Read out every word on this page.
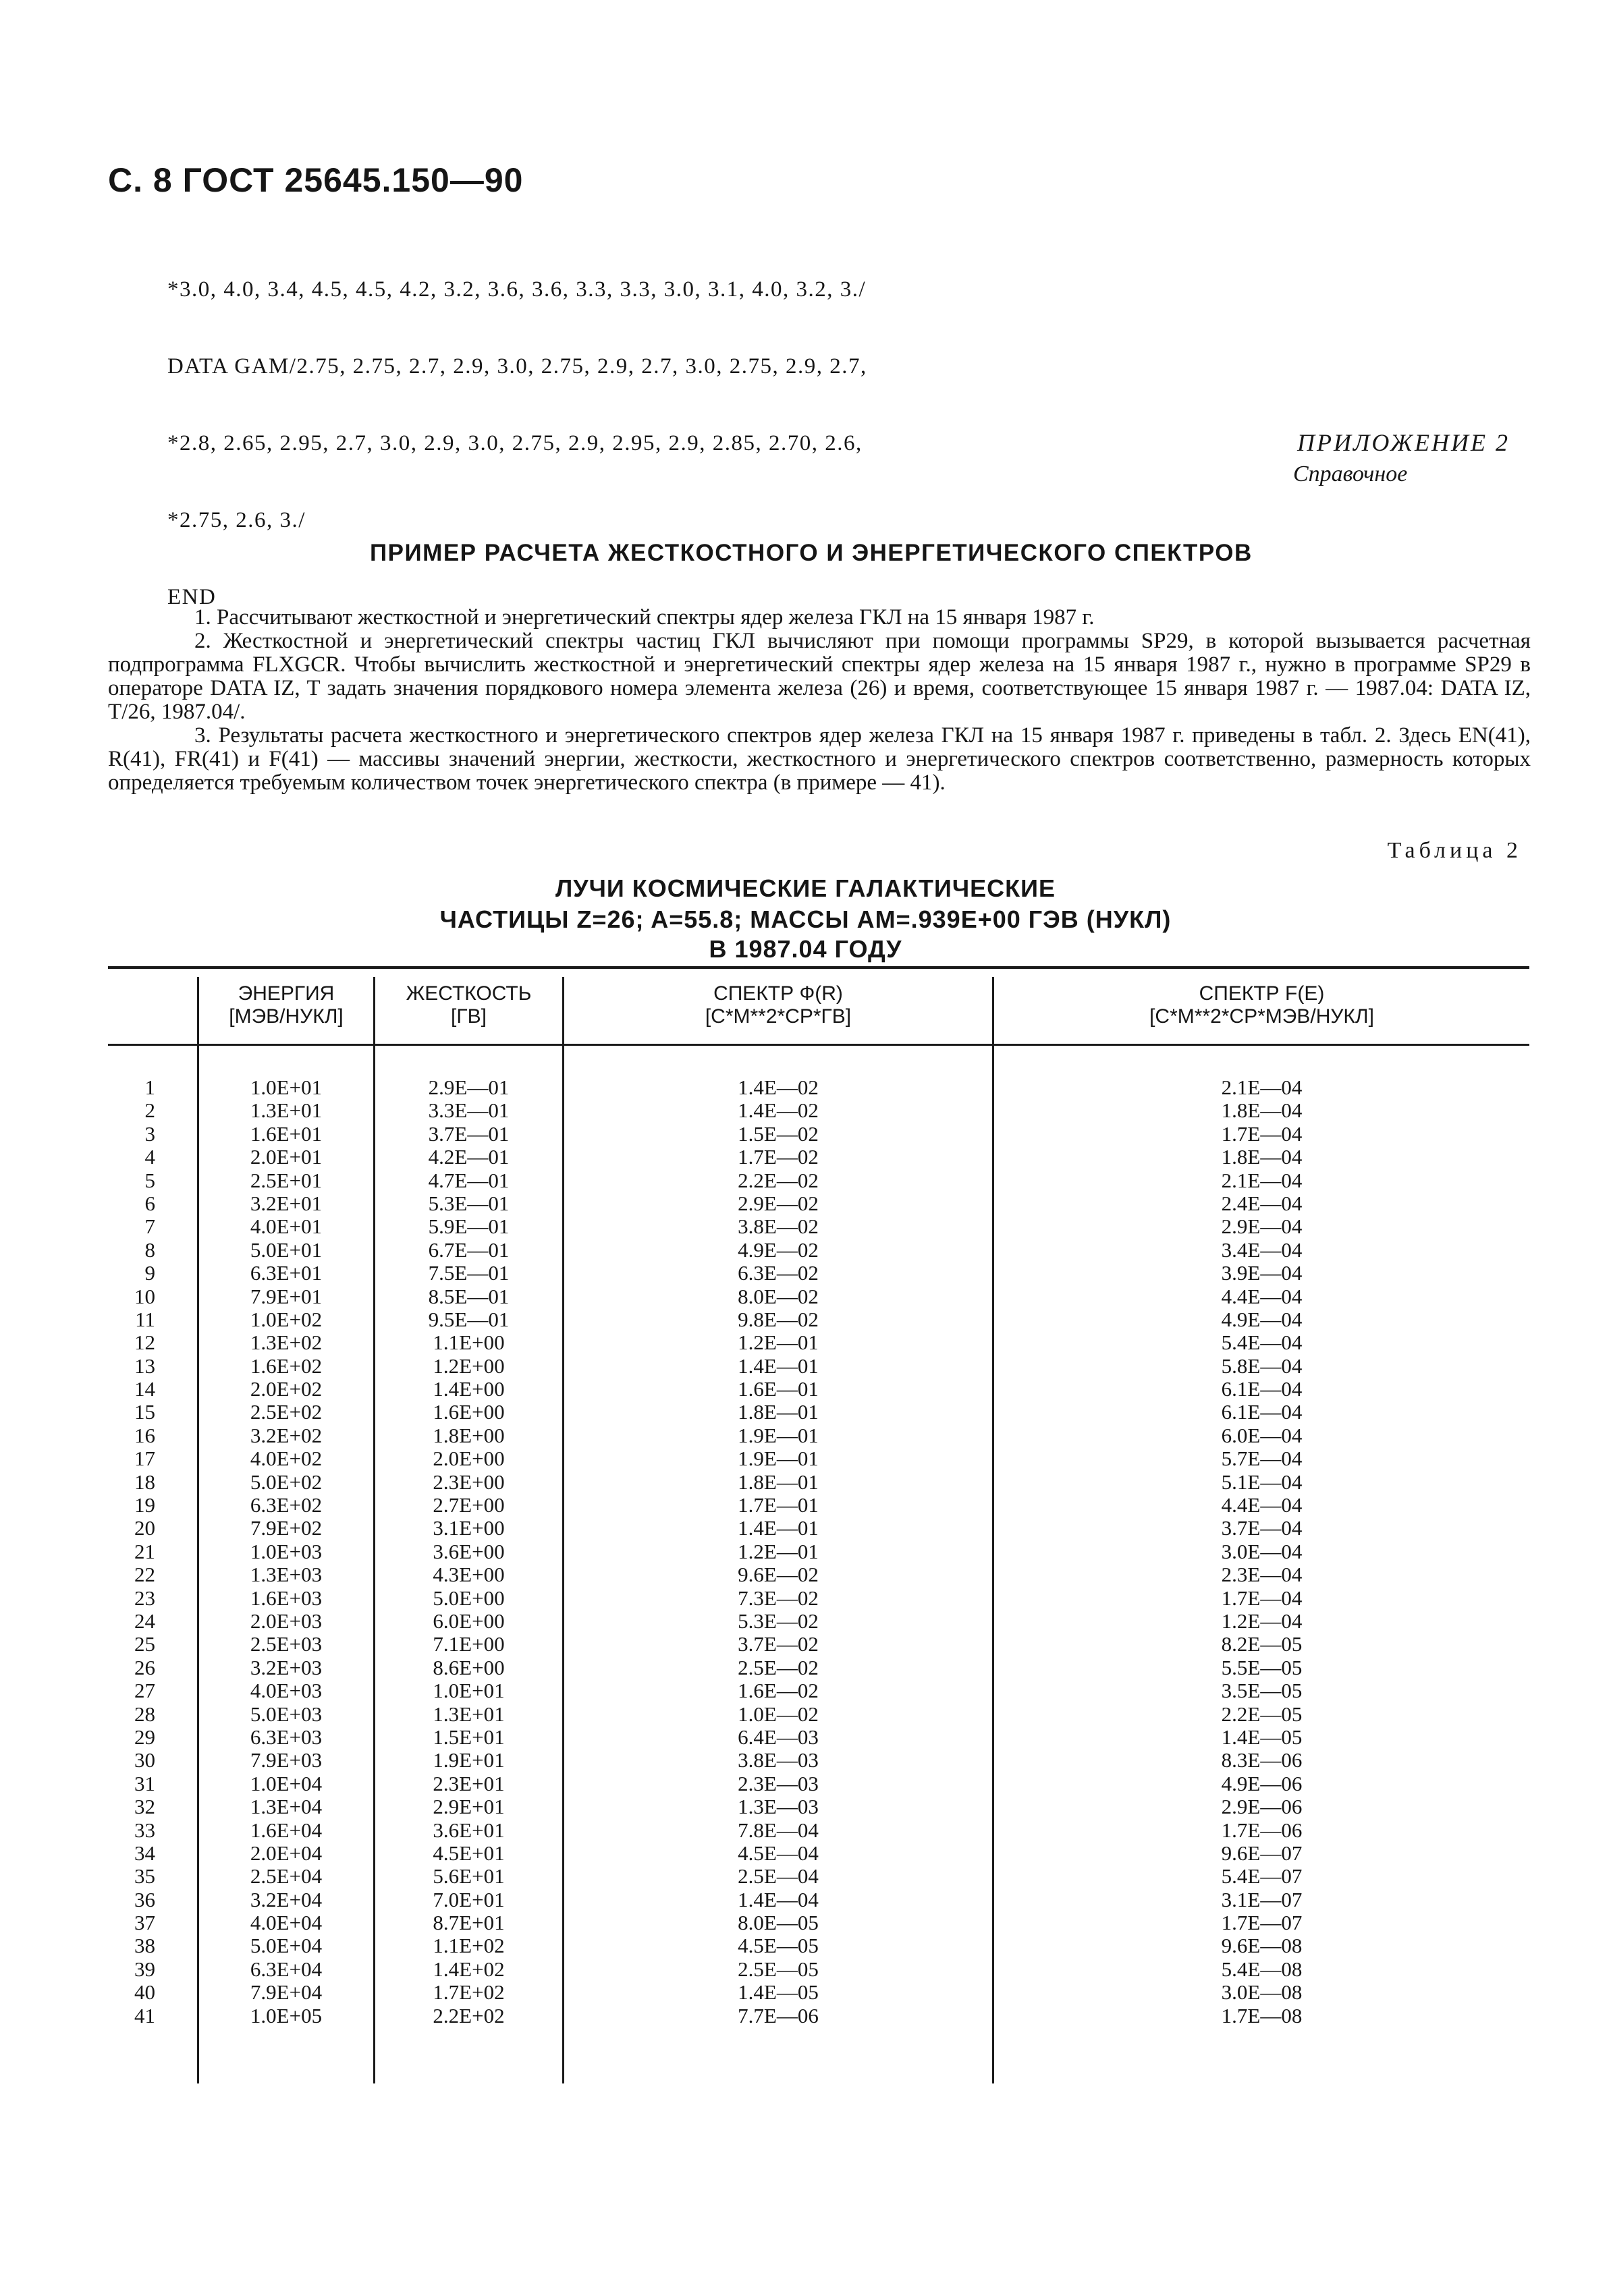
С. 8 ГОСТ 25645.150—90

*3.0, 4.0, 3.4, 4.5, 4.5, 4.2, 3.2, 3.6, 3.6, 3.3, 3.3, 3.0, 3.1, 4.0, 3.2, 3./

DATA GAM/2.75, 2.75, 2.7, 2.9, 3.0, 2.75, 2.9, 2.7, 3.0, 2.75, 2.9, 2.7,

*2.8, 2.65, 2.95, 2.7, 3.0, 2.9, 3.0, 2.75, 2.9, 2.95, 2.9, 2.85, 2.70, 2.6,

*2.75, 2.6, 3./

END

ПРИЛОЖЕНИЕ 2
Справочное
ПРИМЕР РАСЧЕТА ЖЕСТКОСТНОГО И ЭНЕРГЕТИЧЕСКОГО СПЕКТРОВ

1. Рассчитывают жесткостной и энергетический спектры ядер железа ГКЛ на 15 января 1987 г.

2. Жесткостной и энергетический спектры частиц ГКЛ вычисляют при помощи программы SP29, в которой вызывается расчетная подпрограмма FLXGCR. Чтобы вычислить жесткостной и энергетический спектры ядер железа на 15 января 1987 г., нужно в программе SP29 в операторе DATA IZ, T задать значения порядкового номера элемента железа (26) и время, соответствующее 15 января 1987 г. — 1987.04: DATA IZ, T/26, 1987.04/.

3. Результаты расчета жесткостного и энергетического спектров ядер железа ГКЛ на 15 января 1987 г. приведены в табл. 2. Здесь EN(41), R(41), FR(41) и F(41) — массивы значений энергии, жесткости, жесткостного и энергетического спектров соответственно, размерность которых определяется требуемым количеством точек энергетического спектра (в примере — 41).

Таблица 2
ЛУЧИ КОСМИЧЕСКИЕ ГАЛАКТИЧЕСКИЕ
ЧАСТИЦЫ Z=26; A=55.8; МАССЫ АМ=.939Е+00 ГЭВ (НУКЛ)
В 1987.04 ГОДУ
ЭНЕРГИЯ
[МЭВ/НУКЛ]
ЖЕСТКОСТЬ
[ГВ]
СПЕКТР Ф(R)
[С*М**2*СР*ГВ]
СПЕКТР F(E)
[С*М**2*СР*МЭВ/НУКЛ]
1
2
3
4
5
6
7
8
9
10
11
12
13
14
15
16
17
18
19
20
21
22
23
24
25
26
27
28
29
30
31
32
33
34
35
36
37
38
39
40
41
1.0E+01
1.3E+01
1.6E+01
2.0E+01
2.5E+01
3.2E+01
4.0E+01
5.0E+01
6.3E+01
7.9E+01
1.0E+02
1.3E+02
1.6E+02
2.0E+02
2.5E+02
3.2E+02
4.0E+02
5.0E+02
6.3E+02
7.9E+02
1.0E+03
1.3E+03
1.6E+03
2.0E+03
2.5E+03
3.2E+03
4.0E+03
5.0E+03
6.3E+03
7.9E+03
1.0E+04
1.3E+04
1.6E+04
2.0E+04
2.5E+04
3.2E+04
4.0E+04
5.0E+04
6.3E+04
7.9E+04
1.0E+05
2.9E—01
3.3E—01
3.7E—01
4.2E—01
4.7E—01
5.3E—01
5.9E—01
6.7E—01
7.5E—01
8.5E—01
9.5E—01
1.1E+00
1.2E+00
1.4E+00
1.6E+00
1.8E+00
2.0E+00
2.3E+00
2.7E+00
3.1E+00
3.6E+00
4.3E+00
5.0E+00
6.0E+00
7.1E+00
8.6E+00
1.0E+01
1.3E+01
1.5E+01
1.9E+01
2.3E+01
2.9E+01
3.6E+01
4.5E+01
5.6E+01
7.0E+01
8.7E+01
1.1E+02
1.4E+02
1.7E+02
2.2E+02
1.4E—02
1.4E—02
1.5E—02
1.7E—02
2.2E—02
2.9E—02
3.8E—02
4.9E—02
6.3E—02
8.0E—02
9.8E—02
1.2E—01
1.4E—01
1.6E—01
1.8E—01
1.9E—01
1.9E—01
1.8E—01
1.7E—01
1.4E—01
1.2E—01
9.6E—02
7.3E—02
5.3E—02
3.7E—02
2.5E—02
1.6E—02
1.0E—02
6.4E—03
3.8E—03
2.3E—03
1.3E—03
7.8E—04
4.5E—04
2.5E—04
1.4E—04
8.0E—05
4.5E—05
2.5E—05
1.4E—05
7.7E—06
2.1E—04
1.8E—04
1.7E—04
1.8E—04
2.1E—04
2.4E—04
2.9E—04
3.4E—04
3.9E—04
4.4E—04
4.9E—04
5.4E—04
5.8E—04
6.1E—04
6.1E—04
6.0E—04
5.7E—04
5.1E—04
4.4E—04
3.7E—04
3.0E—04
2.3E—04
1.7E—04
1.2E—04
8.2E—05
5.5E—05
3.5E—05
2.2E—05
1.4E—05
8.3E—06
4.9E—06
2.9E—06
1.7E—06
9.6E—07
5.4E—07
3.1E—07
1.7E—07
9.6E—08
5.4E—08
3.0E—08
1.7E—08
